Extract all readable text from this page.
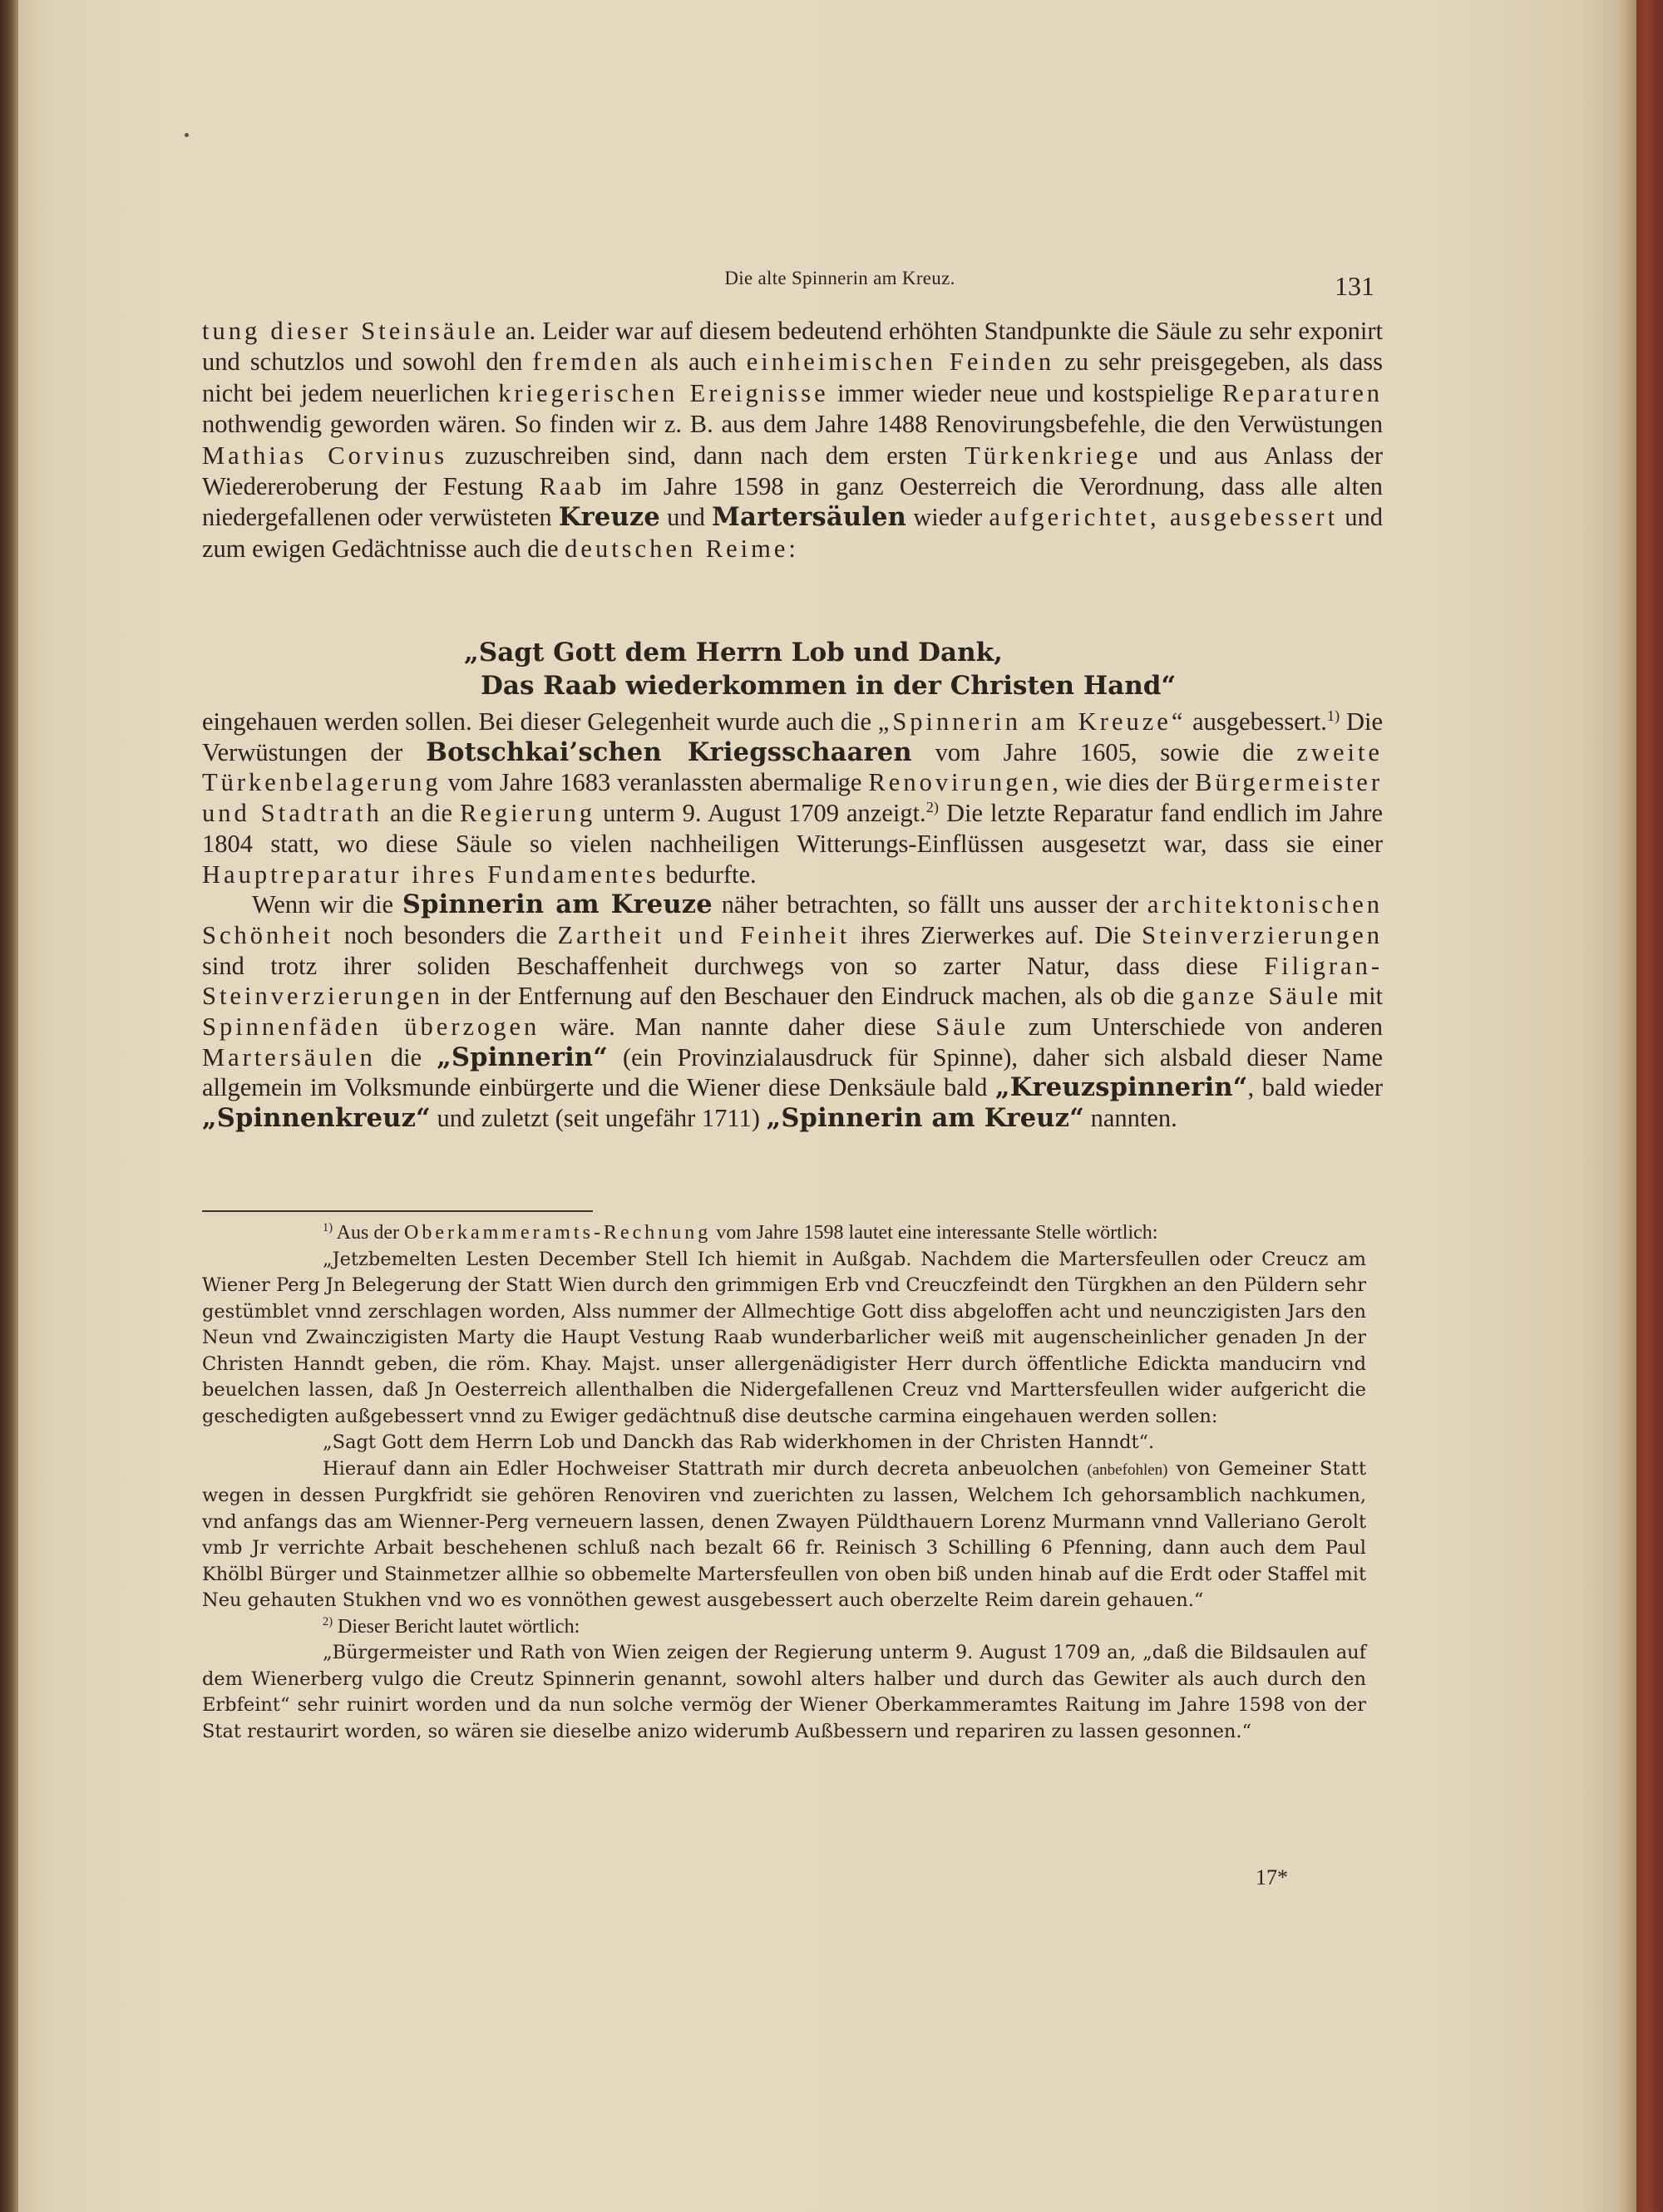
Die alte Spinnerin am Kreuz.	131

tung dieser Steinsäule an. Leider war auf diesem bedeutend erhöhten Standpunkte die Säule zu sehr exponirt und schutzlos und sowohl den fremden als auch einheimischen Feinden zu sehr preisgegeben, als dass nicht bei jedem neuerlichen kriegerischen Ereignisse immer wieder neue und kostspielige Reparaturen nothwendig geworden wären. So finden wir z. B. aus dem Jahre 1488 Renovirungsbefehle, die den Verwüstungen Mathias Corvinus zuzuschreiben sind, dann nach dem ersten Türkenkriege und aus Anlass der Wiedereroberung der Festung Raab im Jahre 1598 in ganz Oesterreich die Verordnung, dass alle alten niedergefallenen oder verwüsteten Kreuze und Martersäulen wieder aufgerichtet, ausgebessert und zum ewigen Gedächtnisse auch die deutschen Reime:

„Sagt Gott dem Herrn Lob und Dank,
Das Raab wiederkommen in der Christen Hand“

eingehauen werden sollen. Bei dieser Gelegenheit wurde auch die „Spinnerin am Kreuze“ ausgebessert.$^{1)}$ Die Verwüstungen der Botschkai’schen Kriegsschaaren vom Jahre 1605, sowie die zweite Türkenbelagerung vom Jahre 1683 veranlassten abermalige Renovirungen, wie dies der Bürgermeister und Stadtrath an die Regierung unterm 9. August 1709 anzeigt.$^{2)}$ Die letzte Reparatur fand endlich im Jahre 1804 statt, wo diese Säule so vielen nachheiligen Witterungs-Einflüssen ausgesetzt war, dass sie einer Hauptreparatur ihres Fundamentes bedurfte.

Wenn wir die Spinnerin am Kreuze näher betrachten, so fällt uns ausser der architektonischen Schönheit noch besonders die Zartheit und Feinheit ihres Zierwerkes auf. Die Steinverzierungen sind trotz ihrer soliden Beschaffenheit durchwegs von so zarter Natur, dass diese Filigran-Steinverzierungen in der Entfernung auf den Beschauer den Eindruck machen, als ob die ganze Säule mit Spinnenfäden überzogen wäre. Man nannte daher diese Säule zum Unterschiede von anderen Martersäulen die „Spinnerin“ (ein Provinzialausdruck für Spinne), daher sich alsbald dieser Name allgemein im Volksmunde einbürgerte und die Wiener diese Denksäule bald „Kreuzspinnerin“, bald wieder „Spinnenkreuz“ und zuletzt (seit ungefähr 1711) „Spinnerin am Kreuz“ nannten.

$^{1)}$ Aus der Oberkammeramts-Rechnung vom Jahre 1598 lautet eine interessante Stelle wörtlich:

„Jetzbemelten Lesten December Stell Ich hiemit in Außgab. Nachdem die Martersfeullen oder Creucz am Wiener Perg Jn Belegerung der Statt Wien durch den grimmigen Erb vnd Creuczfeindt den Türgkhen an den Püldern sehr gestümblet vnnd zerschlagen worden, Alss nummer der Allmechtige Gott diss abgeloffen acht und neunczigisten Jars den Neun vnd Zwainczigisten Marty die Haupt Vestung Raab wunderbarlicher weiß mit augenscheinlicher genaden Jn der Christen Hanndt geben, die röm. Khay. Majst. unser allergenädigister Herr durch öffentliche Edickta manducirn vnd beuelchen lassen, daß Jn Oesterreich allenthalben die Nidergefallenen Creuz vnd Marttersfeullen wider aufgericht die geschedigten außgebessert vnnd zu Ewiger gedächtnuß dise deutsche carmina eingehauen werden sollen:

„Sagt Gott dem Herrn Lob und Danckh das Rab widerkhomen in der Christen Hanndt“.

Hierauf dann ain Edler Hochweiser Stattrath mir durch decreta anbeuolchen (anbefohlen) von Gemeiner Statt wegen in dessen Purgkfridt sie gehören Renoviren vnd zuerichten zu lassen, Welchem Ich gehorsamblich nachkumen, vnd anfangs das am Wienner-Perg verneuern lassen, denen Zwayen Püldthauern Lorenz Murmann vnnd Valleriano Gerolt vmb Jr verrichte Arbait beschehenen schluß nach bezalt 66 fr. Reinisch 3 Schilling 6 Pfenning, dann auch dem Paul Khölbl Bürger und Stainmetzer allhie so obbemelte Martersfeullen von oben biß unden hinab auf die Erdt oder Staffel mit Neu gehauten Stukhen vnd wo es vonnöthen gewest ausgebessert auch oberzelte Reim darein gehauen.“

$^{2)}$ Dieser Bericht lautet wörtlich:

„Bürgermeister und Rath von Wien zeigen der Regierung unterm 9. August 1709 an, „daß die Bildsaulen auf dem Wienerberg vulgo die Creutz Spinnerin genannt, sowohl alters halber und durch das Gewiter als auch durch den Erbfeint“ sehr ruinirt worden und da nun solche vermög der Wiener Oberkammeramtes Raitung im Jahre 1598 von der Stat restaurirt worden, so wären sie dieselbe anizo widerumb Außbessern und repariren zu lassen gesonnen.“

17*
